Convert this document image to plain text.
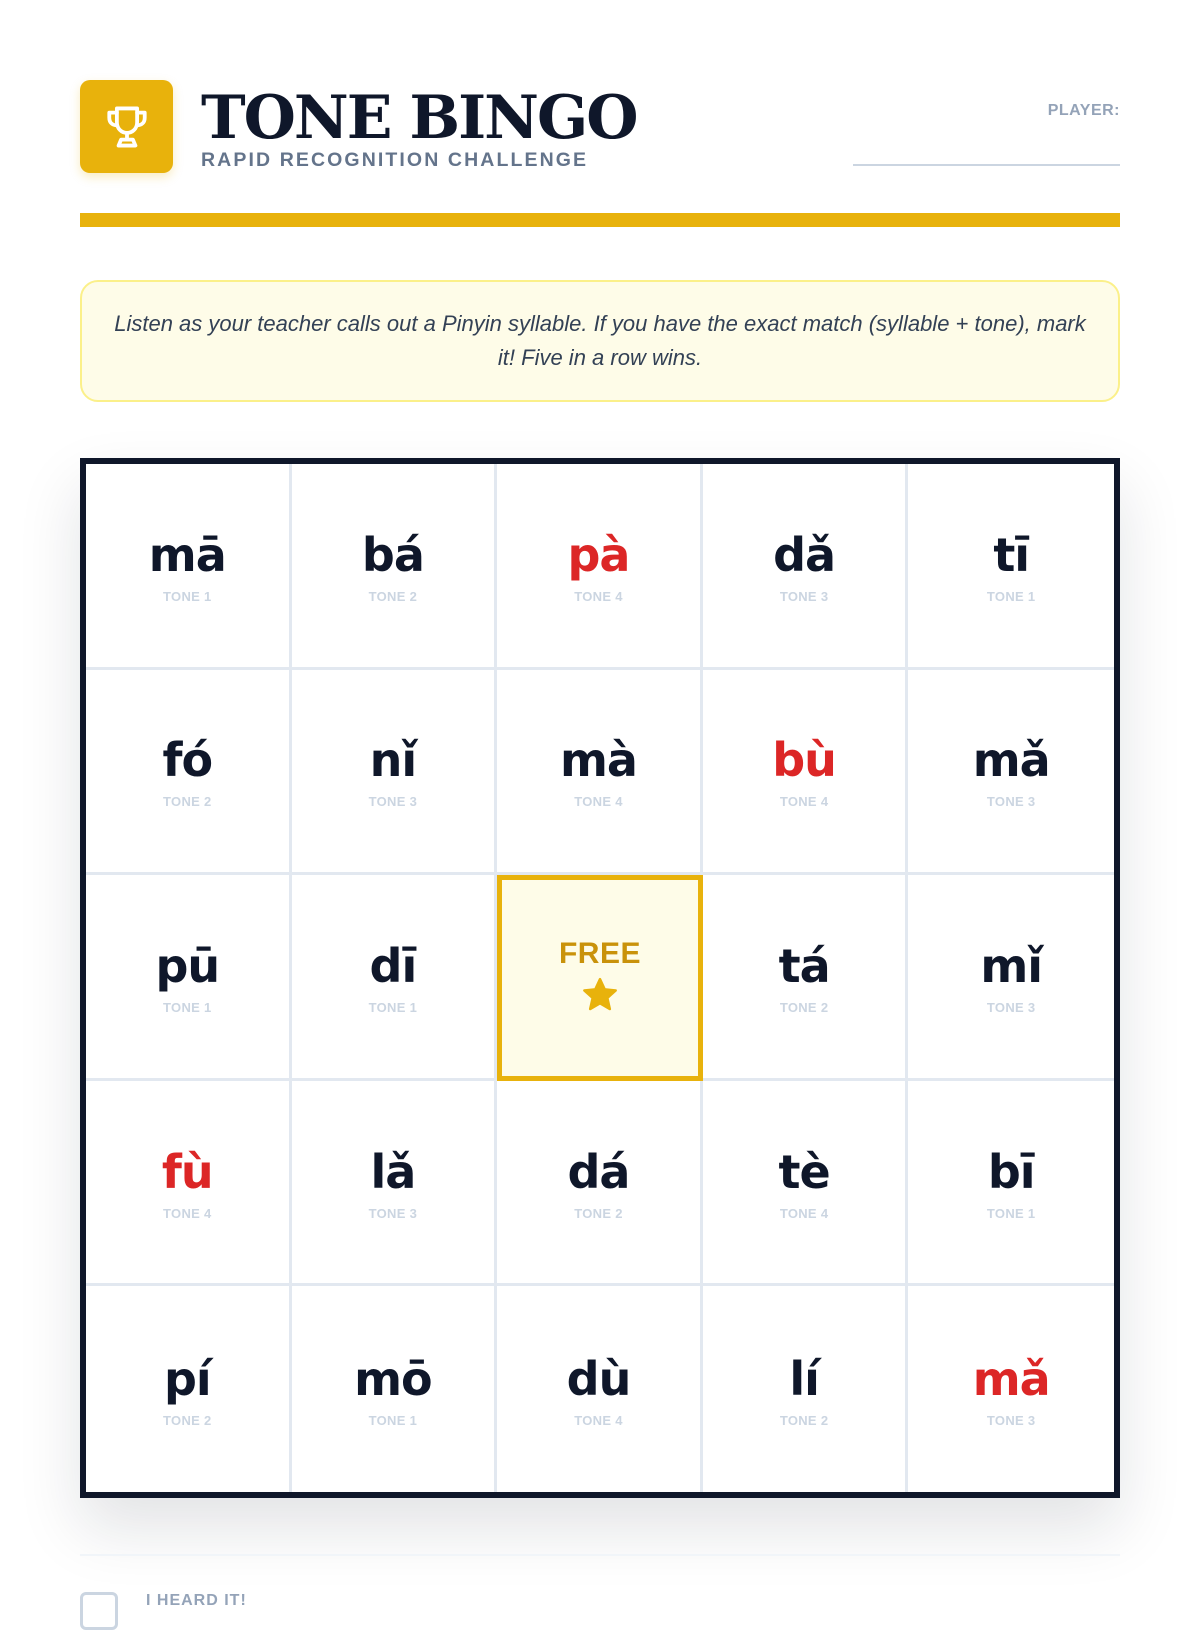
TONE BINGO
RAPID RECOGNITION CHALLENGE
PLAYER:

Listen as your teacher calls out a Pinyin syllable. If you have the exact match (syllable + tone), mark it! Five in a row wins.

mā
TONE 1
bá
TONE 2
pà
TONE 4
dǎ
TONE 3
tī
TONE 1
fó
TONE 2
nǐ
TONE 3
mà
TONE 4
bù
TONE 4
mǎ
TONE 3
pū
TONE 1
dī
TONE 1
FREE	tá
TONE 2
mǐ
TONE 3
fù
TONE 4
lǎ
TONE 3
dá
TONE 2
tè
TONE 4
bī
TONE 1
pí
TONE 2
mō
TONE 1
dù
TONE 4
lí
TONE 2
mǎ
TONE 3
I HEARD IT!
